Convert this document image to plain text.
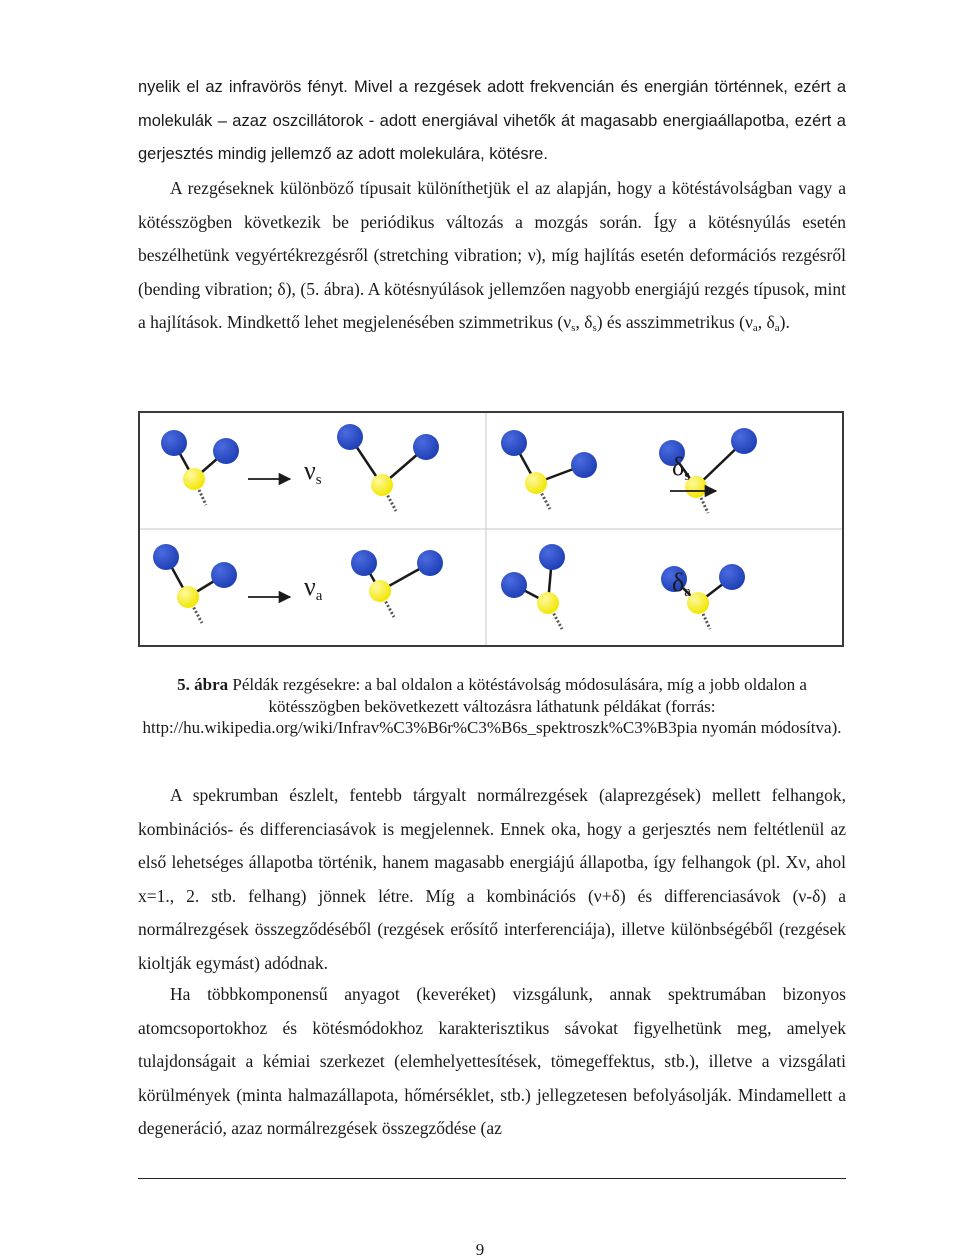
nyelik el az infravörös fényt. Mivel a rezgések adott frekvencián és energián történnek, ezért a molekulák – azaz oszcillátorok - adott energiával vihetők át magasabb energiaállapotba, ezért a gerjesztés mindig jellemző az adott molekulára, kötésre.

A rezgéseknek különböző típusait különíthetjük el az alapján, hogy a kötéstávolságban vagy a kötésszögben következik be periódikus változás a mozgás során. Így a kötésnyúlás esetén beszélhetünk vegyértékrezgésről (stretching vibration; ν), míg hajlítás esetén deformációs rezgésről (bending vibration; δ), (5. ábra). A kötésnyúlások jellemzően nagyobb energiájú rezgés típusok, mint a hajlítások. Mindkettő lehet megjelenésében szimmetrikus ($\nu_s$, $\delta_s$) és asszimmetrikus ($\nu_a$, $\delta_a$).

νs
νa
δs
δa

5. ábra Példák rezgésekre: a bal oldalon a kötéstávolság módosulására, míg a jobb oldalon a kötésszögben bekövetkezett változásra láthatunk példákat (forrás: http://hu.wikipedia.org/wiki/Infrav%C3%B6r%C3%B6s_spektroszk%C3%B3pia nyomán módosítva).

A spekrumban észlelt, fentebb tárgyalt normálrezgések (alaprezgések) mellett felhangok, kombinációs- és differenciasávok is megjelennek. Ennek oka, hogy a gerjesztés nem feltétlenül az első lehetséges állapotba történik, hanem magasabb energiájú állapotba, így felhangok (pl. Xν, ahol x=1., 2. stb. felhang) jönnek létre. Míg a kombinációs (ν+δ) és differenciasávok (ν-δ) a normálrezgések összegződéséből (rezgések erősítő interferenciája), illetve különbségéből (rezgések kioltják egymást) adódnak.

Ha többkomponensű anyagot (keveréket) vizsgálunk, annak spektrumában bizonyos atomcsoportokhoz és kötésmódokhoz karakterisztikus sávokat figyelhetünk meg, amelyek tulajdonságait a kémiai szerkezet (elemhelyettesítések, tömegeffektus, stb.), illetve a vizsgálati körülmények (minta halmazállapota, hőmérséklet, stb.) jellegzetesen befolyásolják. Mindamellett a degeneráció, azaz normálrezgések összegződése (az

9
